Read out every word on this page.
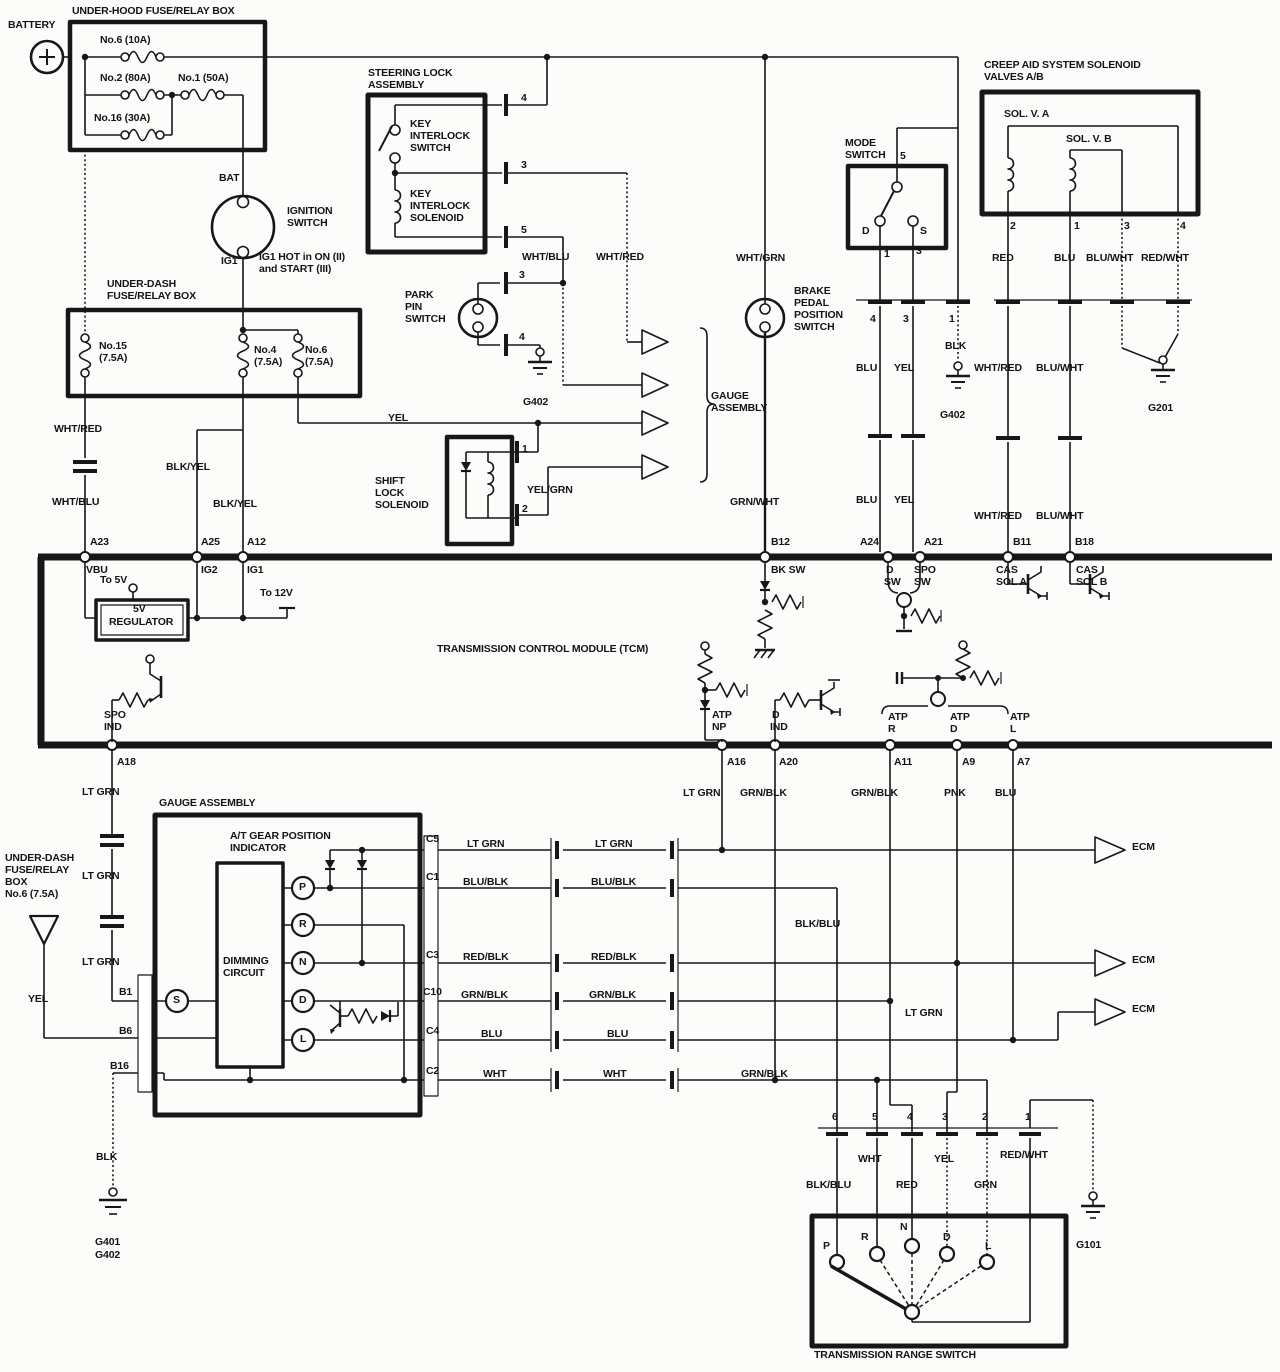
BATTERY
UNDER-HOOD FUSE/RELAY BOX
No.6 (10A)
No.2 (80A)	No.1 (50A)
No.16 (30A)
BAT
IGNITION
SWITCH
IG1 IG1 HOT in ON (II)
and START (III)
UNDER-DASH
FUSE/RELAY BOX
No.15
(7.5A)
No.4
(7.5A)
No.6
(7.5A)
WHT/RED
WHT/BLU
BLK/YEL
BLK/YEL
A23	A25	A12
VBU	IG2	IG1
To 5V
5V
REGULATOR
To 12V
STEERING LOCK
ASSEMBLY
KEY
INTERLOCK
SWITCH
KEY
INTERLOCK
SOLENOID
4
3
5
PARK
PIN
SWITCH
3
4
WHT/BLU	WHT/RED
G402
YEL
SHIFT
LOCK
SOLENOID
1
2
YEL/GRN
GAUGE
ASSEMBLY
WHT/GRN
BRAKE
PEDAL
POSITION
SWITCH
GRN/WHT
B12
BK SW
MODE
SWITCH 5
D	S
1	3
4	3	1
BLK
G402
BLU YEL
BLU YEL
A24	A21
D
SW
SPO
SW
CREEP AID SYSTEM SOLENOID
VALVES A/B
SOL. V. A
SOL. V. B
2	1	3	4
RED	BLU BLU/WHT RED/WHT
WHT/RED BLU/WHT
G201
WHT/RED BLU/WHT
B11	B18
CAS
SOL A
CAS
SOL B
TRANSMISSION CONTROL MODULE (TCM)
SPO
IND
A18
ATP
NP
D
IND
ATP
R
ATP
D
ATP
L
A16	A20	A11	A9	A7
LT GRN GRN/BLK	GRN/BLK	PNK	BLU
LT GRN
LT GRN
LT GRN
UNDER-DASH
FUSE/RELAY
BOX
No.6 (7.5A)
YEL
BLK
G401
G402
GAUGE ASSEMBLY
A/T GEAR POSITION
INDICATOR
DIMMING
CIRCUIT
B1
B6
B16
P
R
N
D
L
S
C5
C1
C3
C10
C4
C2
LT GRN	LT GRN
BLU/BLK	BLU/BLK
RED/BLK	RED/BLK
GRN/BLK	GRN/BLK
BLU	BLU
WHT	WHT	GRN/BLK
BLK/BLU
LT GRN
ECM
ECM
ECM
6	5	4	3	2	1
WHT	YEL	RED/WHT
BLK/BLU	RED	GRN
G101
P
R
N
D
L
TRANSMISSION RANGE SWITCH
